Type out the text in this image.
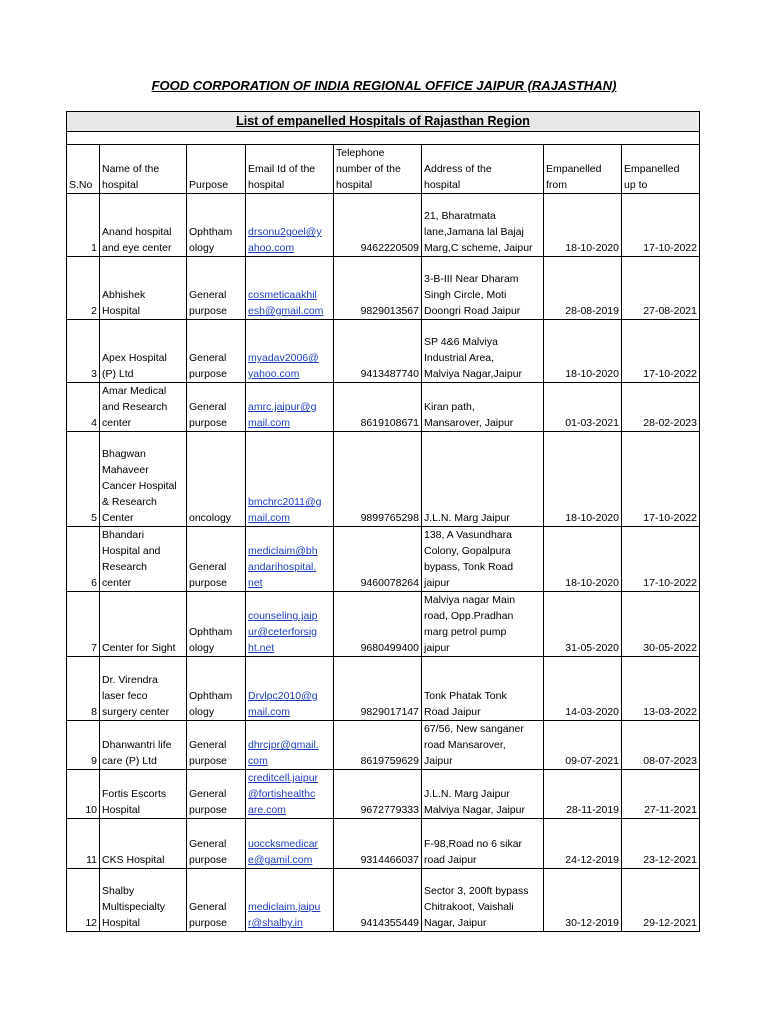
FOOD CORPORATION OF INDIA REGIONAL OFFICE JAIPUR (RAJASTHAN)
List of empanelled Hospitals of Rajasthan Region							

S.No	Name of the
hospital	Purpose	Email Id of the
hospital	Telephone
number of the
hospital	Address of the
hospital	Empanelled
from	Empanelled
up to
1	Anand hospital
and eye center	Ophtham
ology	drsonu2goel@y
ahoo.com	9462220509	21, Bharatmata
lane,Jamana lal Bajaj
Marg,C scheme, Jaipur	18-10-2020	17-10-2022
2	Abhishek
Hospital	General
purpose	cosmeticaakhil
esh@gmail.com	9829013567	3-B-III Near Dharam
Singh Circle, Moti
Doongri Road Jaipur	28-08-2019	27-08-2021
3	Apex Hospital
(P) Ltd	General
purpose	myadav2006@
yahoo.com	9413487740	SP 4&6 Malviya
Industrial Area,
Malviya Nagar,Jaipur	18-10-2020	17-10-2022
4	Amar Medical
and Research
center	General
purpose	amrc.jaipur@g
mail.com	8619108671	Kiran path,
Mansarover, Jaipur	01-03-2021	28-02-2023
5	Bhagwan
Mahaveer
Cancer Hospital
& Research
Center	oncology	bmchrc2011@g
mail.com	9899765298	J.L.N. Marg Jaipur	18-10-2020	17-10-2022
6	Bhandari
Hospital and
Research
center	General
purpose	mediclaim@bh
andarihospital.
net	9460078264	138, A Vasundhara
Colony, Gopalpura
bypass, Tonk Road
jaipur	18-10-2020	17-10-2022
7	Center for Sight	Ophtham
ology	counseling.jaip
ur@ceterforsig
ht.net	9680499400	Malviya nagar Main
road, Opp.Pradhan
marg petrol pump
jaipur	31-05-2020	30-05-2022
8	Dr. Virendra
laser feco
surgery center	Ophtham
ology	Drvlpc2010@g
mail.com	9829017147	Tonk Phatak Tonk
Road Jaipur	14-03-2020	13-03-2022
9	Dhanwantri life
care (P) Ltd	General
purpose	dhrcjpr@gmail.
com	8619759629	67/56, New sanganer
road Mansarover,
Jaipur	09-07-2021	08-07-2023
10	Fortis Escorts
Hospital	General
purpose	creditcell.jaipur
@fortishealthc
are.com	9672779333	J.L.N. Marg Jaipur
Malviya Nagar, Jaipur	28-11-2019	27-11-2021
11	CKS Hospital	General
purpose	uoccksmedicar
e@gamil.com	9314466037	F-98,Road no 6 sikar
road Jaipur	24-12-2019	23-12-2021
12	Shalby
Multispecialty
Hospital	General
purpose	mediclaim.jaipu
r@shalby.in	9414355449	Sector 3, 200ft bypass
Chitrakoot, Vaishali
Nagar, Jaipur	30-12-2019	29-12-2021
